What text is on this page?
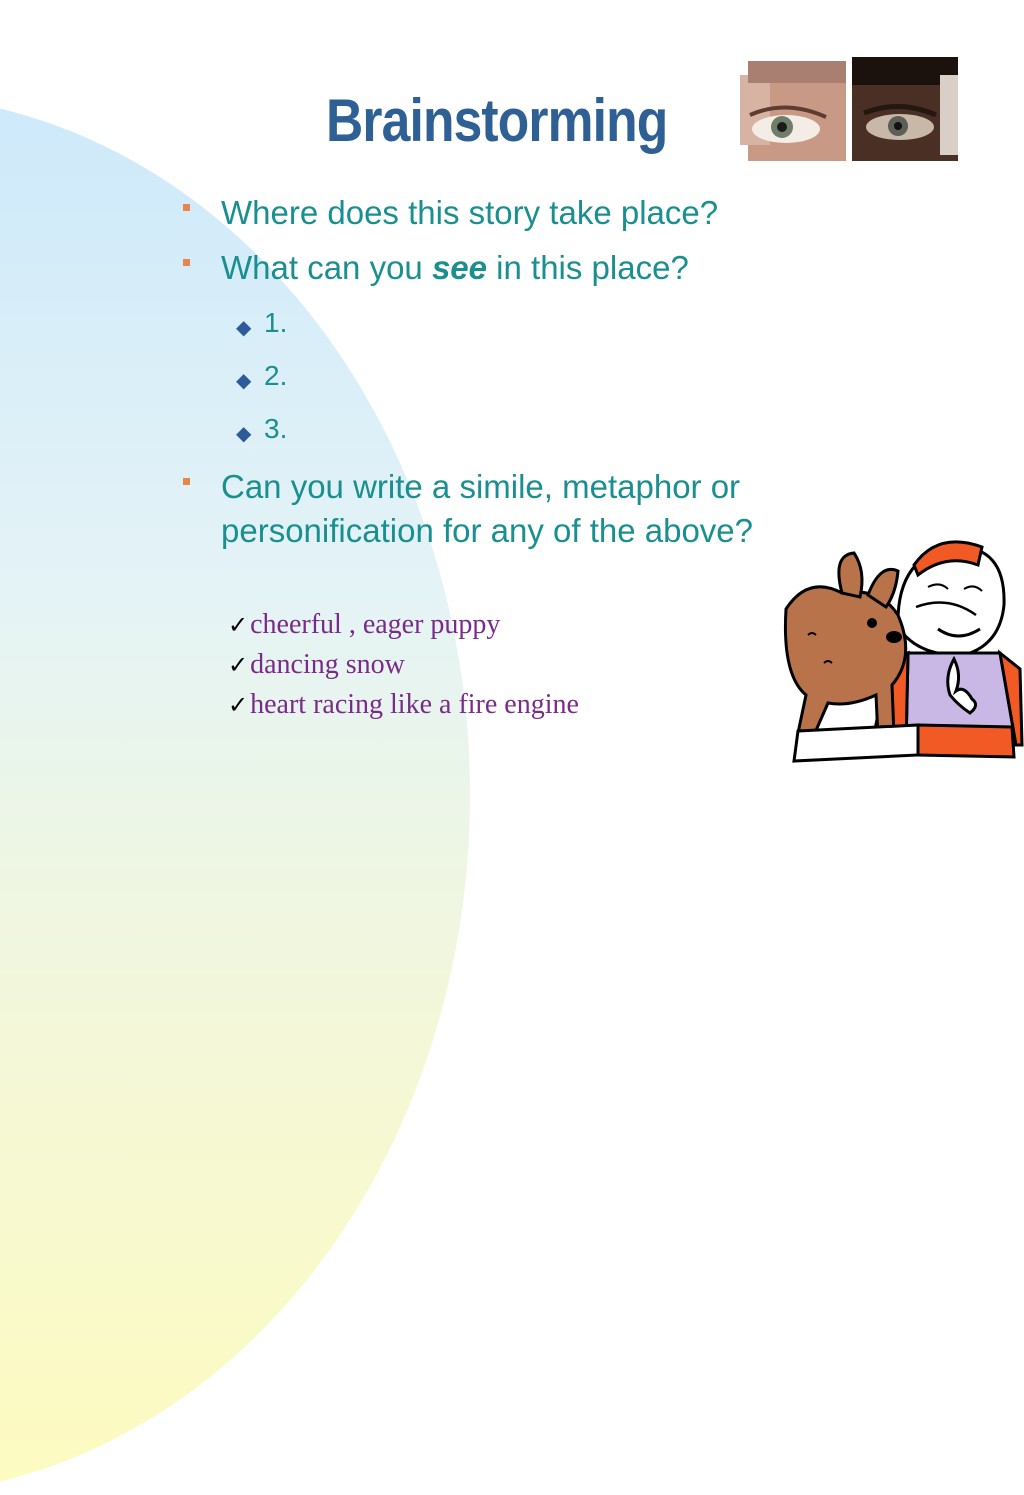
Brainstorming
Where does this story take place?
What can you see in this place?
◆ 1.
◆ 2.
◆ 3.
Can you write a simile, metaphor or
personification for any of the above?
✓cheerful , eager puppy
✓dancing snow
✓heart racing like a fire engine
